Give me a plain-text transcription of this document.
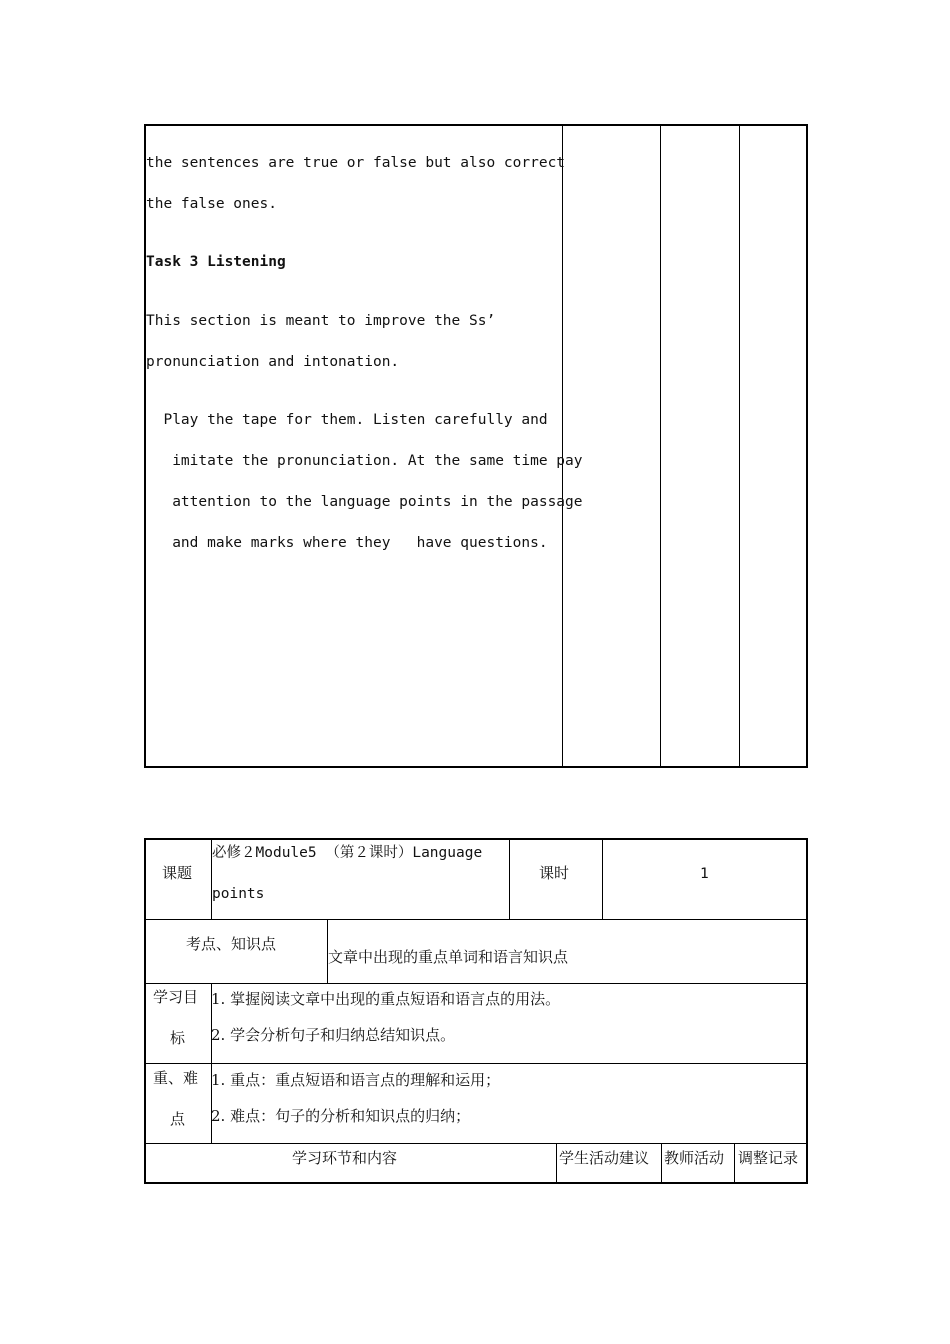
the sentences are true or false but also correct

the false ones.

Task 3 Listening

This section is meant to improve the Ss’

pronunciation and intonation.

Play the tape for them. Listen carefully and

imitate the pronunciation. At the same time pay

attention to the language points in the passage

and make marks where they   have questions.

课题
必修２Module5 （第２课时）Language
points
课时	1
考点、知识点
文章中出现的重点单词和语言知识点
学习目
标
1. 掌握阅读文章中出现的重点短语和语言点的用法。
2. 学会分析句子和归纳总结知识点。
重、难
点
1. 重点：重点短语和语言点的理解和运用；
2. 难点：句子的分析和知识点的归纳；
学习环节和内容	学生活动建议 教师活动 调整记录
